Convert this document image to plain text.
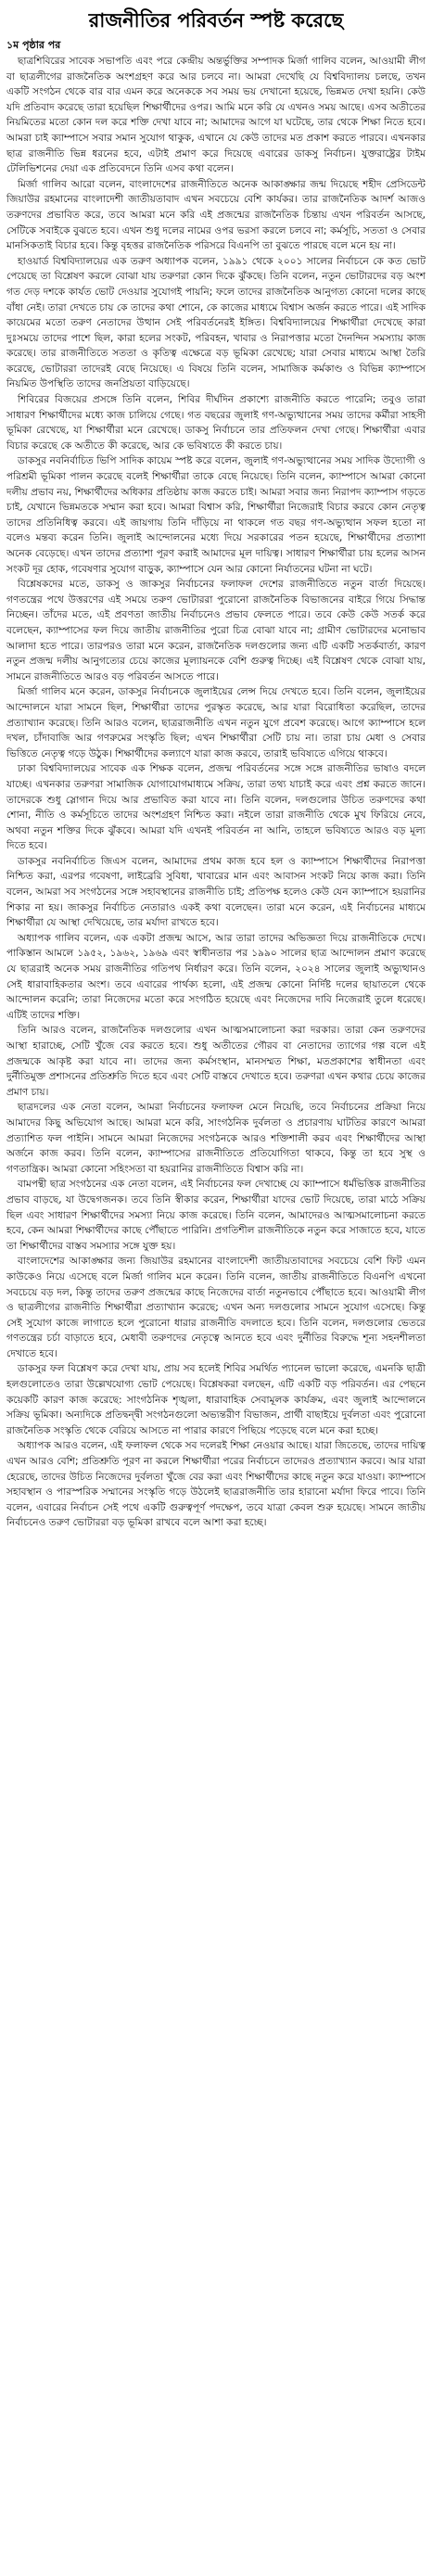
রাজনীতির পরিবর্তন স্পষ্ট করেছে
১ম পৃষ্ঠার পর

ছাত্রশিবিরের সাবেক সভাপতি এবং পরে কেন্দ্রীয় অন্তর্ভুক্তির সম্পাদক মির্জা গালিব বলেন, আওয়ামী লীগ বা ছাত্রলীগের রাজনৈতিক অংশগ্রহণ করে আর চলবে না। আমরা দেখেছি যে বিশ্ববিদ্যালয় চলছে, তখন একটি সংগঠন থেকে বার বার এমন করে অনেককে সব সময় ভয় দেখানো হয়েছে, ভিন্নমত দেখা হয়নি। কেউ যদি প্রতিবাদ করেছে তারা হয়েছিল শিক্ষার্থীদের ওপর। আমি মনে করি যে এখনও সময় আছে। এসব অতীতের নিয়মিতের মতো কোন দল করে শক্তি দেখা যাবে না; আমাদের আগে যা ঘটেছে, তার থেকে শিক্ষা নিতে হবে। আমরা চাই ক্যাম্পাসে সবার সমান সুযোগ থাকুক, এখানে যে কেউ তাদের মত প্রকাশ করতে পারবে। এখনকার ছাত্র রাজনীতি ভিন্ন ধরনের হবে, এটাই প্রমাণ করে দিয়েছে এবারের ডাকসু নির্বাচন। যুক্তরাষ্ট্রের টাইম টেলিভিশনের দেয়া এক প্রতিবেদনে তিনি এসব কথা বলেন।

মির্জা গালিব আরো বলেন, বাংলাদেশের রাজনীতিতে অনেক আকাঙ্ক্ষার জন্ম দিয়েছে শহীদ প্রেসিডেন্ট জিয়াউর রহমানের বাংলাদেশী জাতীয়তাবাদ এখন সবচেয়ে বেশি কার্যকর। তার রাজনৈতিক আদর্শ আজও তরুণদের প্রভাবিত করে, তবে আমরা মনে করি এই প্রজন্মের রাজনৈতিক চিন্তায় এখন পরিবর্তন আসছে, সেটিকে সবাইকে বুঝতে হবে। এখন শুধু দলের নামের ওপর ভরসা করলে চলবে না; কর্মসূচি, সততা ও সেবার মানসিকতাই বিচার হবে। কিন্তু বৃহত্তর রাজনৈতিক পরিসরে বিএনপি তা বুঝতে পারছে বলে মনে হয় না।

হাওয়ার্ড বিশ্ববিদ্যালয়ের এক তরুণ অধ্যাপক বলেন, ১৯৯১ থেকে ২০০১ সালের নির্বাচনে কে কত ভোট পেয়েছে তা বিশ্লেষণ করলে বোঝা যায় তরুণরা কোন দিকে ঝুঁকছে। তিনি বলেন, নতুন ভোটারদের বড় অংশ গত দেড় দশকে কার্যত ভোট দেওয়ার সুযোগই পায়নি; ফলে তাদের রাজনৈতিক আনুগত্য কোনো দলের কাছে বাঁধা নেই। তারা দেখতে চায় কে তাদের কথা শোনে, কে কাজের মাধ্যমে বিশ্বাস অর্জন করতে পারে। এই সাদিক কায়েমের মতো তরুণ নেতাদের উত্থান সেই পরিবর্তনেরই ইঙ্গিত। বিশ্ববিদ্যালয়ের শিক্ষার্থীরা দেখেছে কারা দুঃসময়ে তাদের পাশে ছিল, কারা হলের সংকট, পরিবহন, খাবার ও নিরাপত্তার মতো দৈনন্দিন সমস্যায় কাজ করেছে। তার রাজনীতিতে সততা ও কৃতিত্ব এক্ষেত্রে বড় ভূমিকা রেখেছে; যারা সেবার মাধ্যমে আস্থা তৈরি করেছে, ভোটাররা তাদেরই বেছে নিয়েছে। এ বিষয়ে তিনি বলেন, সামাজিক কর্মকাণ্ড ও বিভিন্ন ক্যাম্পাসে নিয়মিত উপস্থিতি তাদের জনপ্রিয়তা বাড়িয়েছে।

শিবিরের বিজয়ের প্রসঙ্গে তিনি বলেন, শিবির দীর্ঘদিন প্রকাশ্যে রাজনীতি করতে পারেনি; তবুও তারা সাধারণ শিক্ষার্থীদের মধ্যে কাজ চালিয়ে গেছে। গত বছরের জুলাই গণ-অভ্যুত্থানের সময় তাদের কর্মীরা সাহসী ভূমিকা রেখেছে, যা শিক্ষার্থীরা মনে রেখেছে। ডাকসু নির্বাচনে তার প্রতিফলন দেখা গেছে। শিক্ষার্থীরা এবার বিচার করেছে কে অতীতে কী করেছে, আর কে ভবিষ্যতে কী করতে চায়।

ডাকসুর নবনির্বাচিত ভিপি সাদিক কায়েম স্পষ্ট করে বলেন, জুলাই গণ-অভ্যুত্থানের সময় সাদিক উদ্যোগী ও পরিশ্রমী ভূমিকা পালন করেছে বলেই শিক্ষার্থীরা তাকে বেছে নিয়েছে। তিনি বলেন, ক্যাম্পাসে আমরা কোনো দলীয় প্রভাব নয়, শিক্ষার্থীদের অধিকার প্রতিষ্ঠায় কাজ করতে চাই। আমরা সবার জন্য নিরাপদ ক্যাম্পাস গড়তে চাই, যেখানে ভিন্নমতকে সম্মান করা হবে। আমরা বিশ্বাস করি, শিক্ষার্থীরা নিজেরাই বিচার করবে কোন নেতৃত্ব তাদের প্রতিনিধিত্ব করবে। এই জায়গায় তিনি দাঁড়িয়ে না থাকলে গত বছর গণ-অভ্যুত্থান সফল হতো না বলেও মন্তব্য করেন তিনি। জুলাই আন্দোলনের মধ্যে দিয়ে সরকারের পতন হয়েছে, শিক্ষার্থীদের প্রত্যাশা অনেক বেড়েছে। এখন তাদের প্রত্যাশা পূরণ করাই আমাদের মূল দায়িত্ব। সাধারণ শিক্ষার্থীরা চায় হলের আসন সংকট দূর হোক, গবেষণার সুযোগ বাড়ুক, ক্যাম্পাসে যেন আর কোনো নির্যাতনের ঘটনা না ঘটে।

বিশ্লেষকদের মতে, ডাকসু ও জাকসুর নির্বাচনের ফলাফল দেশের রাজনীতিতে নতুন বার্তা দিয়েছে। গণতন্ত্রের পথে উত্তরণের এই সময়ে তরুণ ভোটাররা পুরোনো রাজনৈতিক বিভাজনের বাইরে গিয়ে সিদ্ধান্ত নিচ্ছেন। তাঁদের মতে, এই প্রবণতা জাতীয় নির্বাচনেও প্রভাব ফেলতে পারে। তবে কেউ কেউ সতর্ক করে বলেছেন, ক্যাম্পাসের ফল দিয়ে জাতীয় রাজনীতির পুরো চিত্র বোঝা যাবে না; গ্রামীণ ভোটারদের মনোভাব আলাদা হতে পারে। তারপরও তারা মনে করেন, রাজনৈতিক দলগুলোর জন্য এটি একটি সতর্কবার্তা, কারণ নতুন প্রজন্ম দলীয় আনুগত্যের চেয়ে কাজের মূল্যায়নকে বেশি গুরুত্ব দিচ্ছে। এই বিশ্লেষণ থেকে বোঝা যায়, সামনে রাজনীতিতে আরও বড় পরিবর্তন আসতে পারে।

মির্জা গালিব মনে করেন, ডাকসুর নির্বাচনকে জুলাইয়ের লেন্স দিয়ে দেখতে হবে। তিনি বলেন, জুলাইয়ের আন্দোলনে যারা সামনে ছিল, শিক্ষার্থীরা তাদের পুরস্কৃত করেছে, আর যারা বিরোধিতা করেছিল, তাদের প্রত্যাখ্যান করেছে। তিনি আরও বলেন, ছাত্ররাজনীতি এখন নতুন যুগে প্রবেশ করেছে। আগে ক্যাম্পাসে হলে দখল, চাঁদাবাজি আর গণরুমের সংস্কৃতি ছিল; এখন শিক্ষার্থীরা সেটি চায় না। তারা চায় মেধা ও সেবার ভিত্তিতে নেতৃত্ব গড়ে উঠুক। শিক্ষার্থীদের কল্যাণে যারা কাজ করবে, তারাই ভবিষ্যতে এগিয়ে থাকবে।

ঢাকা বিশ্ববিদ্যালয়ের সাবেক এক শিক্ষক বলেন, প্রজন্ম পরিবর্তনের সঙ্গে সঙ্গে রাজনীতির ভাষাও বদলে যাচ্ছে। এখনকার তরুণরা সামাজিক যোগাযোগমাধ্যমে সক্রিয়, তারা তথ্য যাচাই করে এবং প্রশ্ন করতে জানে। তাদেরকে শুধু স্লোগান দিয়ে আর প্রভাবিত করা যাবে না। তিনি বলেন, দলগুলোর উচিত তরুণদের কথা শোনা, নীতি ও কর্মসূচিতে তাদের অংশগ্রহণ নিশ্চিত করা। নইলে তারা রাজনীতি থেকে মুখ ফিরিয়ে নেবে, অথবা নতুন শক্তির দিকে ঝুঁকবে। আমরা যদি এখনই পরিবর্তন না আনি, তাহলে ভবিষ্যতে আরও বড় মূল্য দিতে হবে।

ডাকসুর নবনির্বাচিত জিএস বলেন, আমাদের প্রথম কাজ হবে হল ও ক্যাম্পাসে শিক্ষার্থীদের নিরাপত্তা নিশ্চিত করা, এরপর গবেষণা, লাইব্রেরি সুবিধা, খাবারের মান এবং আবাসন সংকট নিয়ে কাজ করা। তিনি বলেন, আমরা সব সংগঠনের সঙ্গে সহাবস্থানের রাজনীতি চাই; প্রতিপক্ষ হলেও কেউ যেন ক্যাম্পাসে হয়রানির শিকার না হয়। জাকসুর নির্বাচিত নেতারাও একই কথা বলেছেন। তারা মনে করেন, এই নির্বাচনের মাধ্যমে শিক্ষার্থীরা যে আস্থা দেখিয়েছে, তার মর্যাদা রাখতে হবে।

অধ্যাপক গালিব বলেন, এক একটা প্রজন্ম আসে, আর তারা তাদের অভিজ্ঞতা দিয়ে রাজনীতিকে দেখে। পাকিস্তান আমলে ১৯৫২, ১৯৬২, ১৯৬৯ এবং স্বাধীনতার পর ১৯৯০ সালের ছাত্র আন্দোলন প্রমাণ করেছে যে ছাত্ররাই অনেক সময় রাজনীতির গতিপথ নির্ধারণ করে। তিনি বলেন, ২০২৪ সালের জুলাই অভ্যুত্থানও সেই ধারাবাহিকতার অংশ। তবে এবারের পার্থক্য হলো, এই প্রজন্ম কোনো নির্দিষ্ট দলের ছায়াতলে থেকে আন্দোলন করেনি; তারা নিজেদের মতো করে সংগঠিত হয়েছে এবং নিজেদের দাবি নিজেরাই তুলে ধরেছে। এটিই তাদের শক্তি।

তিনি আরও বলেন, রাজনৈতিক দলগুলোর এখন আত্মসমালোচনা করা দরকার। তারা কেন তরুণদের আস্থা হারাচ্ছে, সেটি খুঁজে বের করতে হবে। শুধু অতীতের গৌরব বা নেতাদের ত্যাগের গল্প বলে এই প্রজন্মকে আকৃষ্ট করা যাবে না। তাদের জন্য কর্মসংস্থান, মানসম্মত শিক্ষা, মতপ্রকাশের স্বাধীনতা এবং দুর্নীতিমুক্ত প্রশাসনের প্রতিশ্রুতি দিতে হবে এবং সেটি বাস্তবে দেখাতে হবে। তরুণরা এখন কথার চেয়ে কাজের প্রমাণ চায়।

ছাত্রদলের এক নেতা বলেন, আমরা নির্বাচনের ফলাফল মেনে নিয়েছি, তবে নির্বাচনের প্রক্রিয়া নিয়ে আমাদের কিছু অভিযোগ আছে। আমরা মনে করি, সাংগঠনিক দুর্বলতা ও প্রচারণায় ঘাটতির কারণে আমরা প্রত্যাশিত ফল পাইনি। সামনে আমরা নিজেদের সংগঠনকে আরও শক্তিশালী করব এবং শিক্ষার্থীদের আস্থা অর্জনে কাজ করব। তিনি বলেন, ক্যাম্পাসের রাজনীতিতে প্রতিযোগিতা থাকবে, কিন্তু তা হবে সুস্থ ও গণতান্ত্রিক। আমরা কোনো সহিংসতা বা হয়রানির রাজনীতিতে বিশ্বাস করি না।

বামপন্থী ছাত্র সংগঠনের এক নেতা বলেন, এই নির্বাচনের ফল দেখাচ্ছে যে ক্যাম্পাসে ধর্মভিত্তিক রাজনীতির প্রভাব বাড়ছে, যা উদ্বেগজনক। তবে তিনি স্বীকার করেন, শিক্ষার্থীরা যাদের ভোট দিয়েছে, তারা মাঠে সক্রিয় ছিল এবং সাধারণ শিক্ষার্থীদের সমস্যা নিয়ে কাজ করেছে। তিনি বলেন, আমাদেরও আত্মসমালোচনা করতে হবে, কেন আমরা শিক্ষার্থীদের কাছে পৌঁছাতে পারিনি। প্রগতিশীল রাজনীতিকে নতুন করে সাজাতে হবে, যাতে তা শিক্ষার্থীদের বাস্তব সমস্যার সঙ্গে যুক্ত হয়।

বাংলাদেশের আকাঙ্ক্ষার জন্য জিয়াউর রহমানের বাংলাদেশী জাতীয়তাবাদের সবচেয়ে বেশি ফিট এমন কাউকেও নিয়ে এসেছে বলে মির্জা গালিব মনে করেন। তিনি বলেন, জাতীয় রাজনীতিতে বিএনপি এখনো সবচেয়ে বড় দল, কিন্তু তাদের তরুণ প্রজন্মের কাছে নিজেদের বার্তা নতুনভাবে পৌঁছাতে হবে। আওয়ামী লীগ ও ছাত্রলীগের রাজনীতি শিক্ষার্থীরা প্রত্যাখ্যান করেছে; এখন অন্য দলগুলোর সামনে সুযোগ এসেছে। কিন্তু সেই সুযোগ কাজে লাগাতে হলে পুরোনো ধারার রাজনীতি বদলাতে হবে। তিনি বলেন, দলগুলোর ভেতরে গণতন্ত্রের চর্চা বাড়াতে হবে, মেধাবী তরুণদের নেতৃত্বে আনতে হবে এবং দুর্নীতির বিরুদ্ধে শূন্য সহনশীলতা দেখাতে হবে।

ডাকসুর ফল বিশ্লেষণ করে দেখা যায়, প্রায় সব হলেই শিবির সমর্থিত প্যানেল ভালো করেছে, এমনকি ছাত্রী হলগুলোতেও তারা উল্লেখযোগ্য ভোট পেয়েছে। বিশ্লেষকরা বলছেন, এটি একটি বড় পরিবর্তন। এর পেছনে কয়েকটি কারণ কাজ করেছে: সাংগঠনিক শৃঙ্খলা, ধারাবাহিক সেবামূলক কার্যক্রম, এবং জুলাই আন্দোলনে সক্রিয় ভূমিকা। অন্যদিকে প্রতিদ্বন্দ্বী সংগঠনগুলো অভ্যন্তরীণ বিভাজন, প্রার্থী বাছাইয়ে দুর্বলতা এবং পুরোনো রাজনৈতিক সংস্কৃতি থেকে বেরিয়ে আসতে না পারার কারণে পিছিয়ে পড়েছে বলে মনে করা হচ্ছে।

অধ্যাপক আরও বলেন, এই ফলাফল থেকে সব দলেরই শিক্ষা নেওয়ার আছে। যারা জিতেছে, তাদের দায়িত্ব এখন আরও বেশি; প্রতিশ্রুতি পূরণ না করলে শিক্ষার্থীরা পরের নির্বাচনে তাদেরও প্রত্যাখ্যান করবে। আর যারা হেরেছে, তাদের উচিত নিজেদের দুর্বলতা খুঁজে বের করা এবং শিক্ষার্থীদের কাছে নতুন করে যাওয়া। ক্যাম্পাসে সহাবস্থান ও পারস্পরিক সম্মানের সংস্কৃতি গড়ে উঠলেই ছাত্ররাজনীতি তার হারানো মর্যাদা ফিরে পাবে। তিনি বলেন, এবারের নির্বাচন সেই পথে একটি গুরুত্বপূর্ণ পদক্ষেপ, তবে যাত্রা কেবল শুরু হয়েছে। সামনে জাতীয় নির্বাচনেও তরুণ ভোটাররা বড় ভূমিকা রাখবে বলে আশা করা হচ্ছে।
